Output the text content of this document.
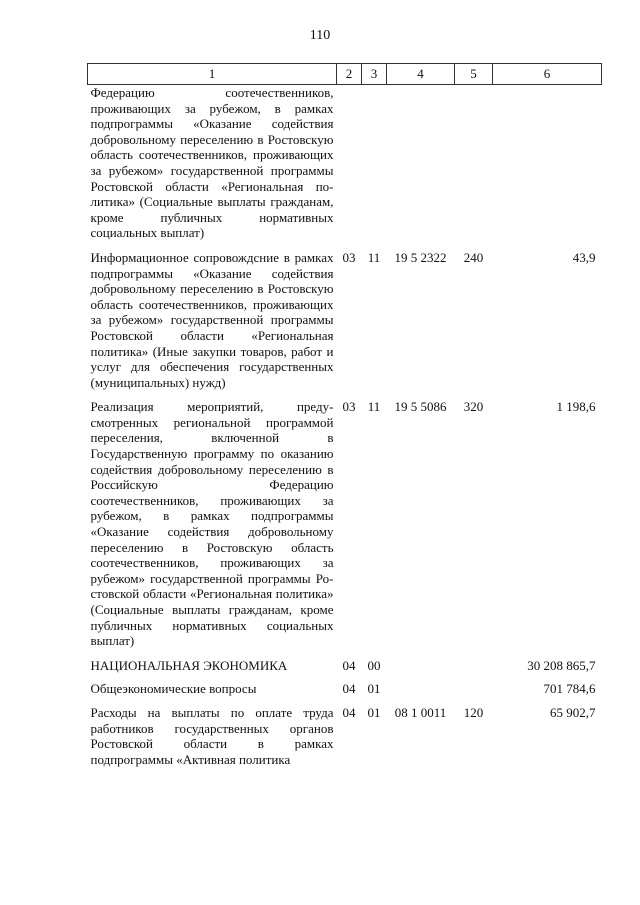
110
1	2	3	4	5	6
Федерацию соотечественников, проживающих за рубежом, в рамках подпрограммы «Оказание содействия добровольному переселению в Ростовскую область соотечественников, проживающих за рубежом» государственной программы Ростовской области «Региональная политика» (Социальные выплаты гражданам, кроме публичных нормативных социальных выплат)					
Информационное сопровождсние в рамках подпрограммы «Оказание содействия добровольному переселению в Ростовскую область соотечественников, проживающих за рубежом» государственной программы Ростовской области «Региональная политика» (Иные закупки товаров, работ и услуг для обеспечения государственных (муниципальных) нужд)	03	11	19 5 2322	240	43,9
Реализация мероприятий, предусмотренных региональной программой переселения, включенной в Государственную программу по оказанию содействия добровольному переселению в Российскую Федерацию соотечественников, проживающих за рубежом, в рамках подпрограммы «Оказание содействия добровольному переселению в Ростовскую область соотечественников, проживающих за рубежом» государственной программы Ростовской области «Региональная политика» (Социальные выплаты гражданам, кроме публичных нормативных социальных выплат)	03	11	19 5 5086	320	1 198,6
НАЦИОНАЛЬНАЯ ЭКОНОМИКА	04	00			30 208 865,7
Общеэкономические вопросы	04	01			701 784,6
Расходы на выплаты по оплате труда работников государственных органов Ростовской области в рамках подпрограммы «Активная политика	04	01	08 1 0011	120	65 902,7
